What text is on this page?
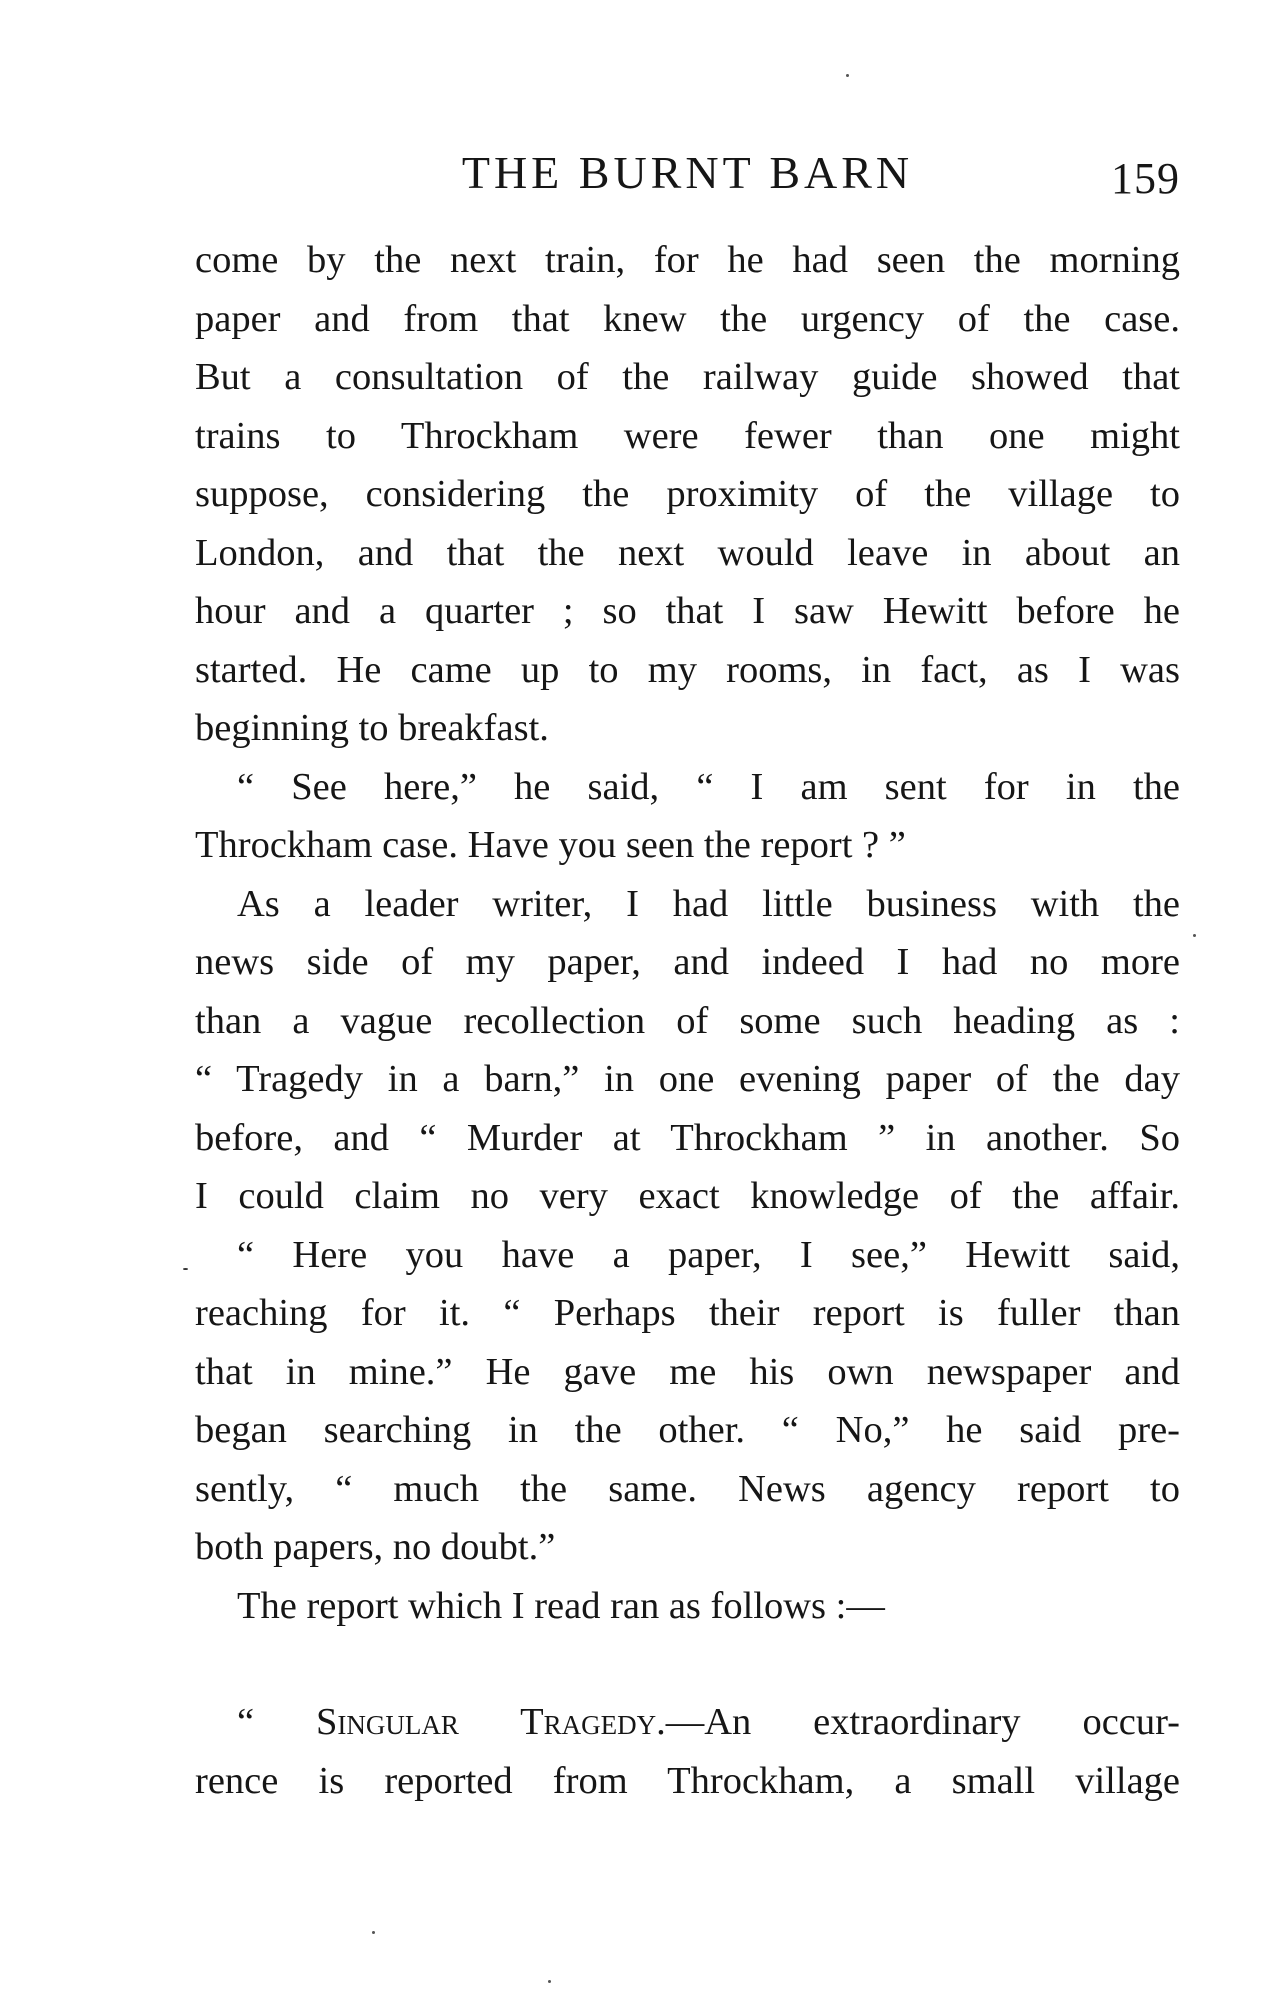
THE BURNT BARN	159
come by the next train, for he had seen the morning
paper and from that knew the urgency of the case.
But a consultation of the railway guide showed that
trains to Throckham were fewer than one might
suppose, considering the proximity of the village to
London, and that the next would leave in about an
hour and a quarter ; so that I saw Hewitt before he
started. He came up to my rooms, in fact, as I was
beginning to breakfast.
“ See here,” he said, “ I am sent for in the
Throckham case. Have you seen the report ? ”
As a leader writer, I had little business with the
news side of my paper, and indeed I had no more
than a vague recollection of some such heading as :
“ Tragedy in a barn,” in one evening paper of the day
before, and “ Murder at Throckham ” in another. So
I could claim no very exact knowledge of the affair.
“ Here you have a paper, I see,” Hewitt said,
reaching for it. “ Perhaps their report is fuller than
that in mine.” He gave me his own newspaper and
began searching in the other. “ No,” he said pre-
sently, “ much the same. News agency report to
both papers, no doubt.”
The report which I read ran as follows :—
“ Singular Tragedy.—An extraordinary occur-
rence is reported from Throckham, a small village
